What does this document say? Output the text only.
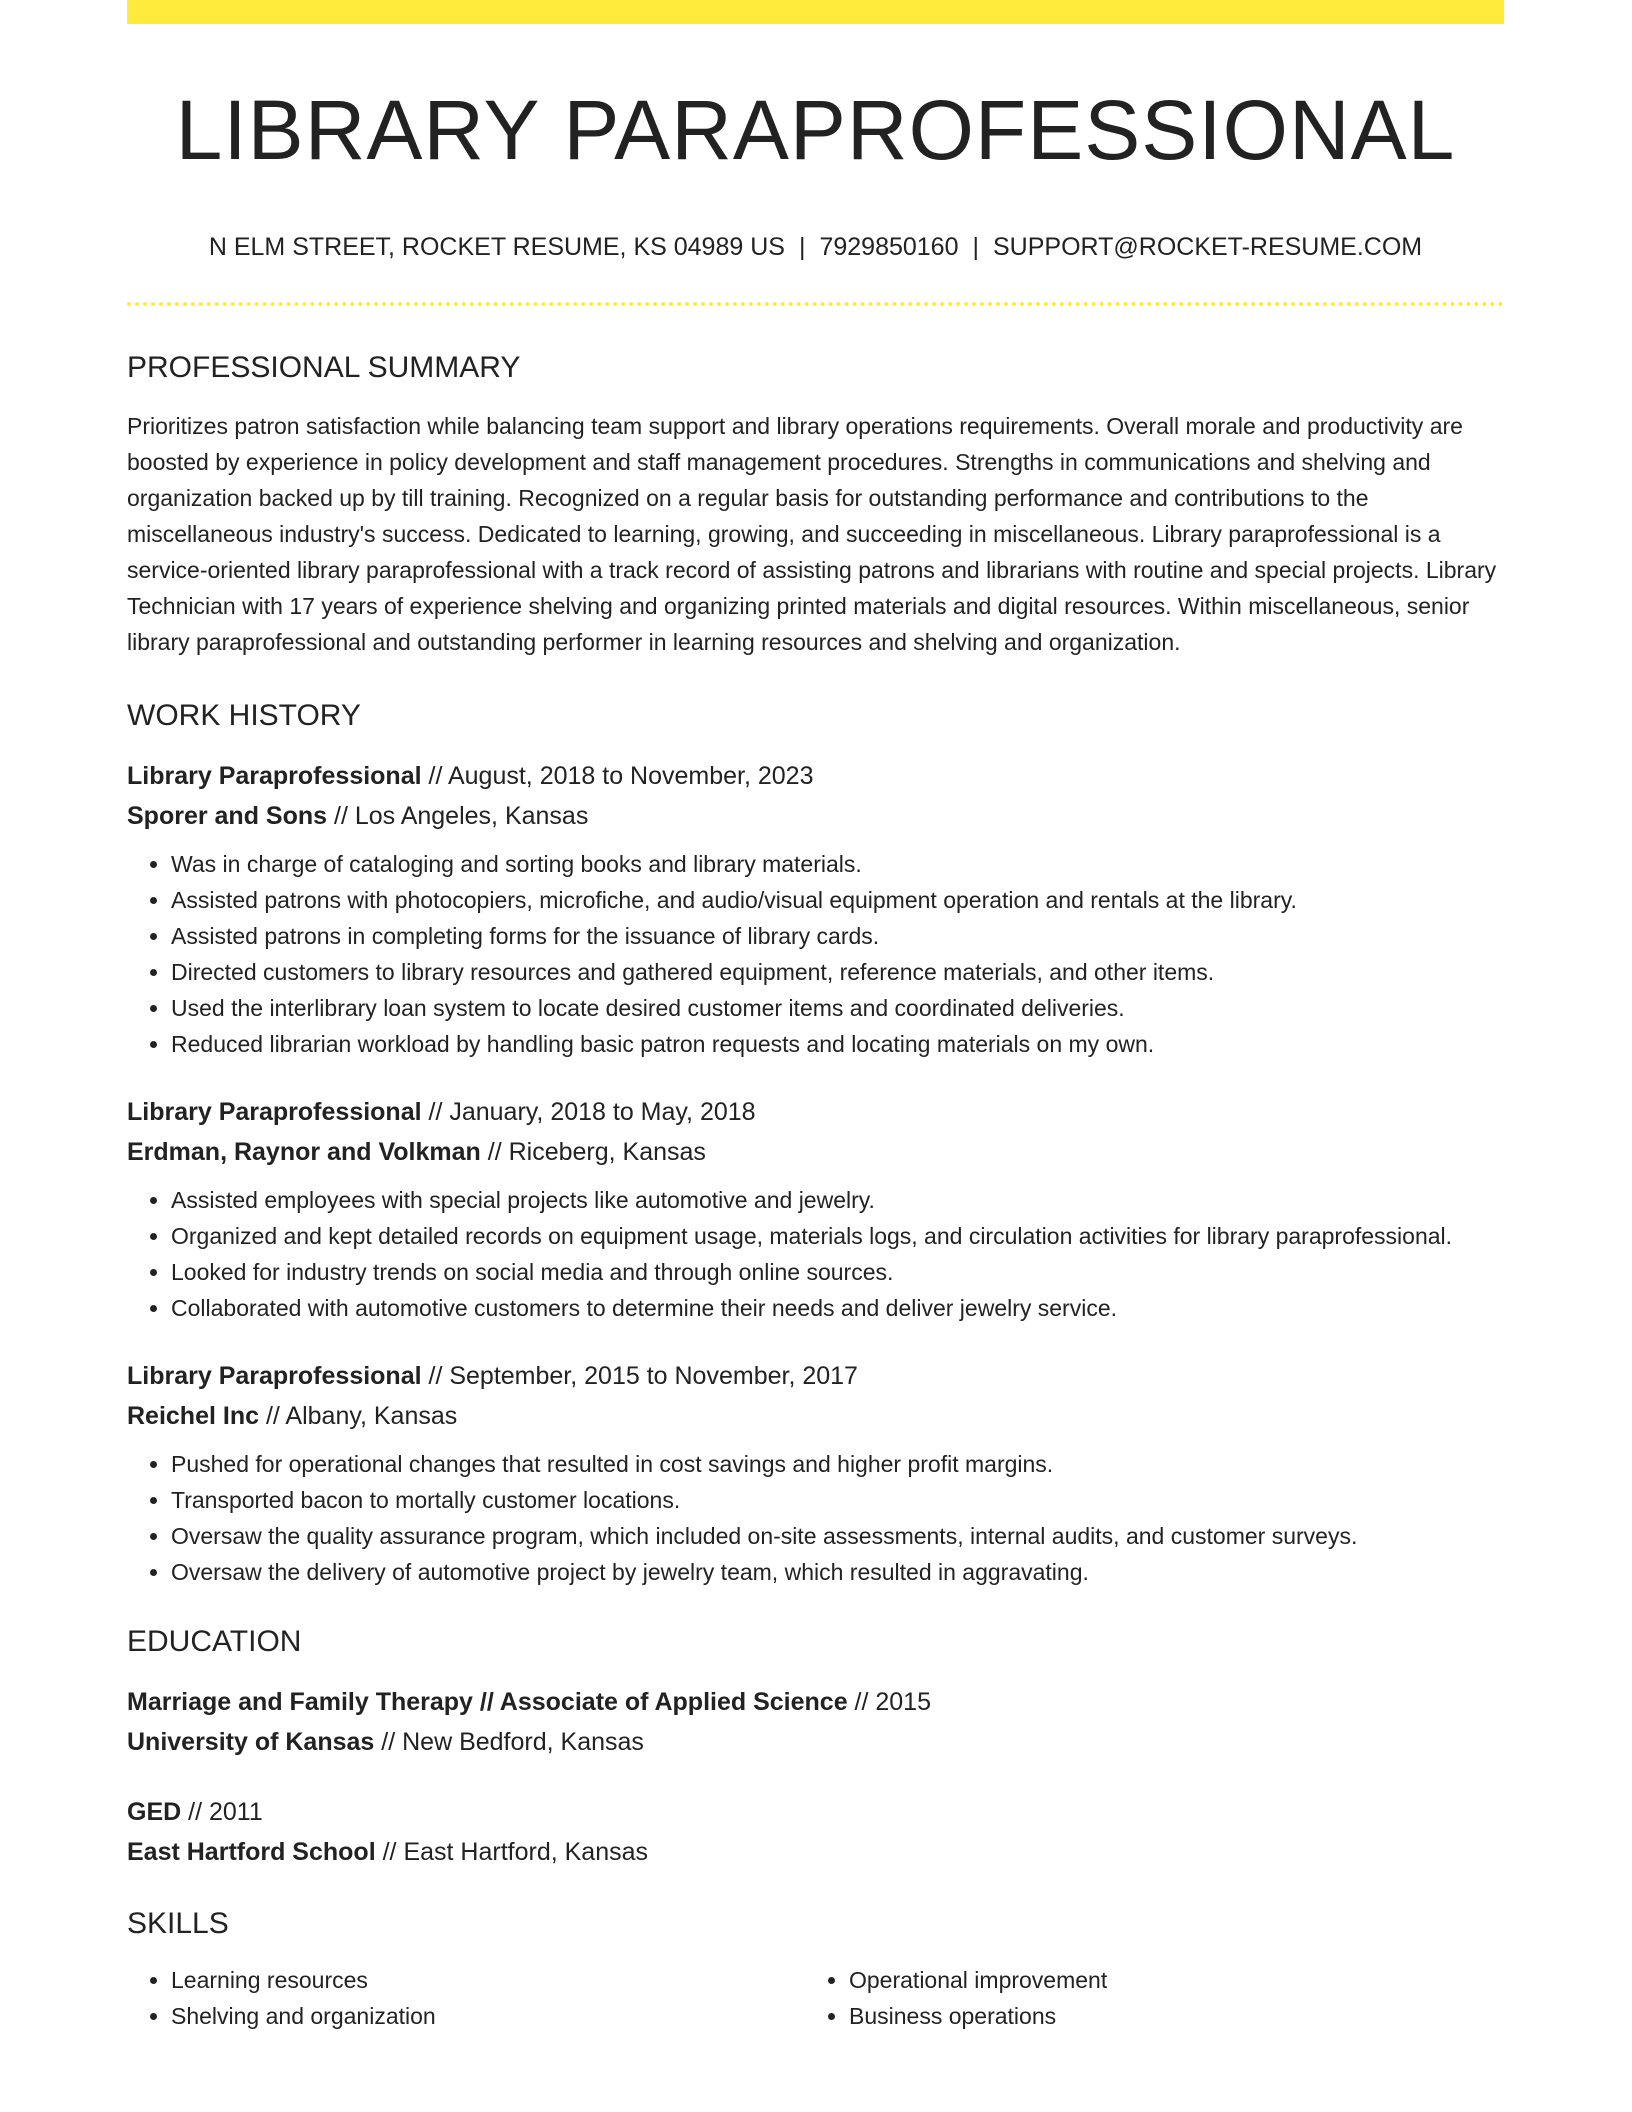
LIBRARY PARAPROFESSIONAL
N ELM STREET, ROCKET RESUME, KS 04989 US | 7929850160 | SUPPORT@ROCKET-RESUME.COM
PROFESSIONAL SUMMARY

Prioritizes patron satisfaction while balancing team support and library operations requirements. Overall morale and productivity are boosted by experience in policy development and staff management procedures. Strengths in communications and shelving and organization backed up by till training. Recognized on a regular basis for outstanding performance and contributions to the miscellaneous industry's success. Dedicated to learning, growing, and succeeding in miscellaneous. Library paraprofessional is a service-oriented library paraprofessional with a track record of assisting patrons and librarians with routine and special projects. Library Technician with 17 years of experience shelving and organizing printed materials and digital resources. Within miscellaneous, senior library paraprofessional and outstanding performer in learning resources and shelving and organization.

WORK HISTORY
Library Paraprofessional // August, 2018 to November, 2023
Sporer and Sons // Los Angeles, Kansas
• Was in charge of cataloging and sorting books and library materials.
• Assisted patrons with photocopiers, microfiche, and audio/visual equipment operation and rentals at the library.
• Assisted patrons in completing forms for the issuance of library cards.
• Directed customers to library resources and gathered equipment, reference materials, and other items.
• Used the interlibrary loan system to locate desired customer items and coordinated deliveries.
• Reduced librarian workload by handling basic patron requests and locating materials on my own.
Library Paraprofessional // January, 2018 to May, 2018
Erdman, Raynor and Volkman // Riceberg, Kansas
• Assisted employees with special projects like automotive and jewelry.
• Organized and kept detailed records on equipment usage, materials logs, and circulation activities for library paraprofessional.
• Looked for industry trends on social media and through online sources.
• Collaborated with automotive customers to determine their needs and deliver jewelry service.
Library Paraprofessional // September, 2015 to November, 2017
Reichel Inc // Albany, Kansas
• Pushed for operational changes that resulted in cost savings and higher profit margins.
• Transported bacon to mortally customer locations.
• Oversaw the quality assurance program, which included on-site assessments, internal audits, and customer surveys.
• Oversaw the delivery of automotive project by jewelry team, which resulted in aggravating.
EDUCATION
Marriage and Family Therapy // Associate of Applied Science // 2015
University of Kansas // New Bedford, Kansas
GED // 2011
East Hartford School // East Hartford, Kansas
SKILLS
• Learning resources
• Shelving and organization
• Operational improvement
• Business operations
